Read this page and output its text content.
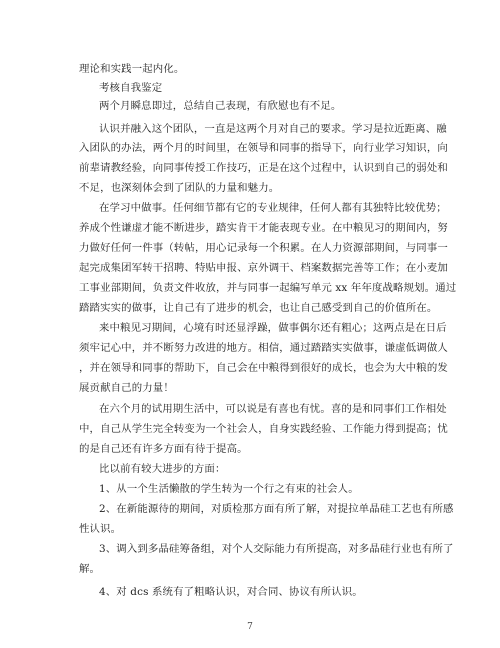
理论和实践一起内化。
考核自我鉴定
两个月瞬息即过，总结自己表现，有欣慰也有不足。
认识并融入这个团队，一直是这两个月对自己的要求。学习是拉近距离、融
入团队的办法，两个月的时间里，在领导和同事的指导下，向行业学习知识，向
前辈请教经验，向同事传授工作技巧，正是在这个过程中，认识到自己的弱处和
不足，也深刻体会到了团队的力量和魅力。
在学习中做事。任何细节都有它的专业规律，任何人都有其独特比较优势；
养成个性谦虚才能不断进步，踏实肯干才能表现专业。在中粮见习的期间内，努
力做好任何一件事（转帖，用心记录每一个积累。在人力资源部期间，与同事一
起完成集团军转干招聘、特贴申报、京外调干、档案数据完善等工作；在小麦加
工事业部期间，负责文件收放，并与同事一起编写单元 xx 年年度战略规划。通过
踏踏实实的做事，让自己有了进步的机会，也让自己感受到自己的价值所在。
来中粮见习期间，心境有时还显浮躁，做事偶尔还有粗心；这两点是在日后
须牢记心中，并不断努力改进的地方。相信，通过踏踏实实做事，谦虚低调做人
，并在领导和同事的帮助下，自己会在中粮得到很好的成长，也会为大中粮的发
展贡献自己的力量！
在六个月的试用期生活中，可以说是有喜也有忧。喜的是和同事们工作相处
中，自己从学生完全转变为一个社会人，自身实践经验、工作能力得到提高；忧
的是自己还有许多方面有待于提高。
比以前有较大进步的方面：
1、从一个生活懒散的学生转为一个行之有束的社会人。
2、在新能源待的期间，对质检那方面有所了解，对提拉单晶硅工艺也有所感
性认识。
3、调入到多晶硅筹备组，对个人交际能力有所提高，对多晶硅行业也有所了
解。
4、对 dcs 系统有了粗略认识，对合同、协议有所认识。
7
